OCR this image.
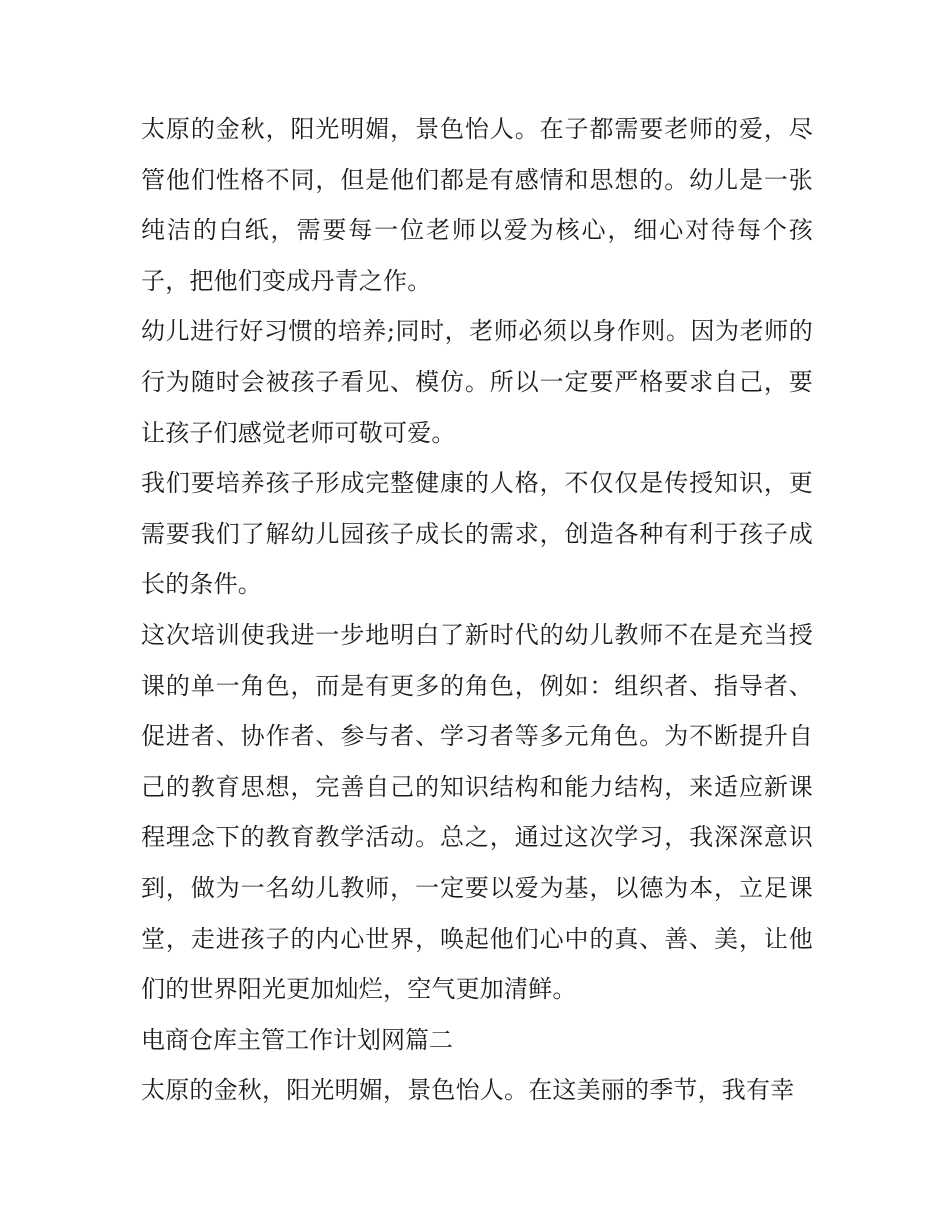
太原的金秋，阳光明媚，景色怡人。在子都需要老师的爱，尽管他们性格不同，但是他们都是有感情和思想的。幼儿是一张纯洁的白纸，需要每一位老师以爱为核心，细心对待每个孩子，把他们变成丹青之作。

幼儿进行好习惯的培养;同时，老师必须以身作则。因为老师的行为随时会被孩子看见、模仿。所以一定要严格要求自己，要让孩子们感觉老师可敬可爱。

我们要培养孩子形成完整健康的人格，不仅仅是传授知识，更需要我们了解幼儿园孩子成长的需求，创造各种有利于孩子成长的条件。

这次培训使我进一步地明白了新时代的幼儿教师不在是充当授课的单一角色，而是有更多的角色，例如：组织者、指导者、促进者、协作者、参与者、学习者等多元角色。为不断提升自己的教育思想，完善自己的知识结构和能力结构，来适应新课程理念下的教育教学活动。总之，通过这次学习，我深深意识到，做为一名幼儿教师，一定要以爱为基，以德为本，立足课堂，走进孩子的内心世界，唤起他们心中的真、善、美，让他们的世界阳光更加灿烂，空气更加清鲜。

电商仓库主管工作计划网篇二

太原的金秋，阳光明媚，景色怡人。在这美丽的季节，我有幸
